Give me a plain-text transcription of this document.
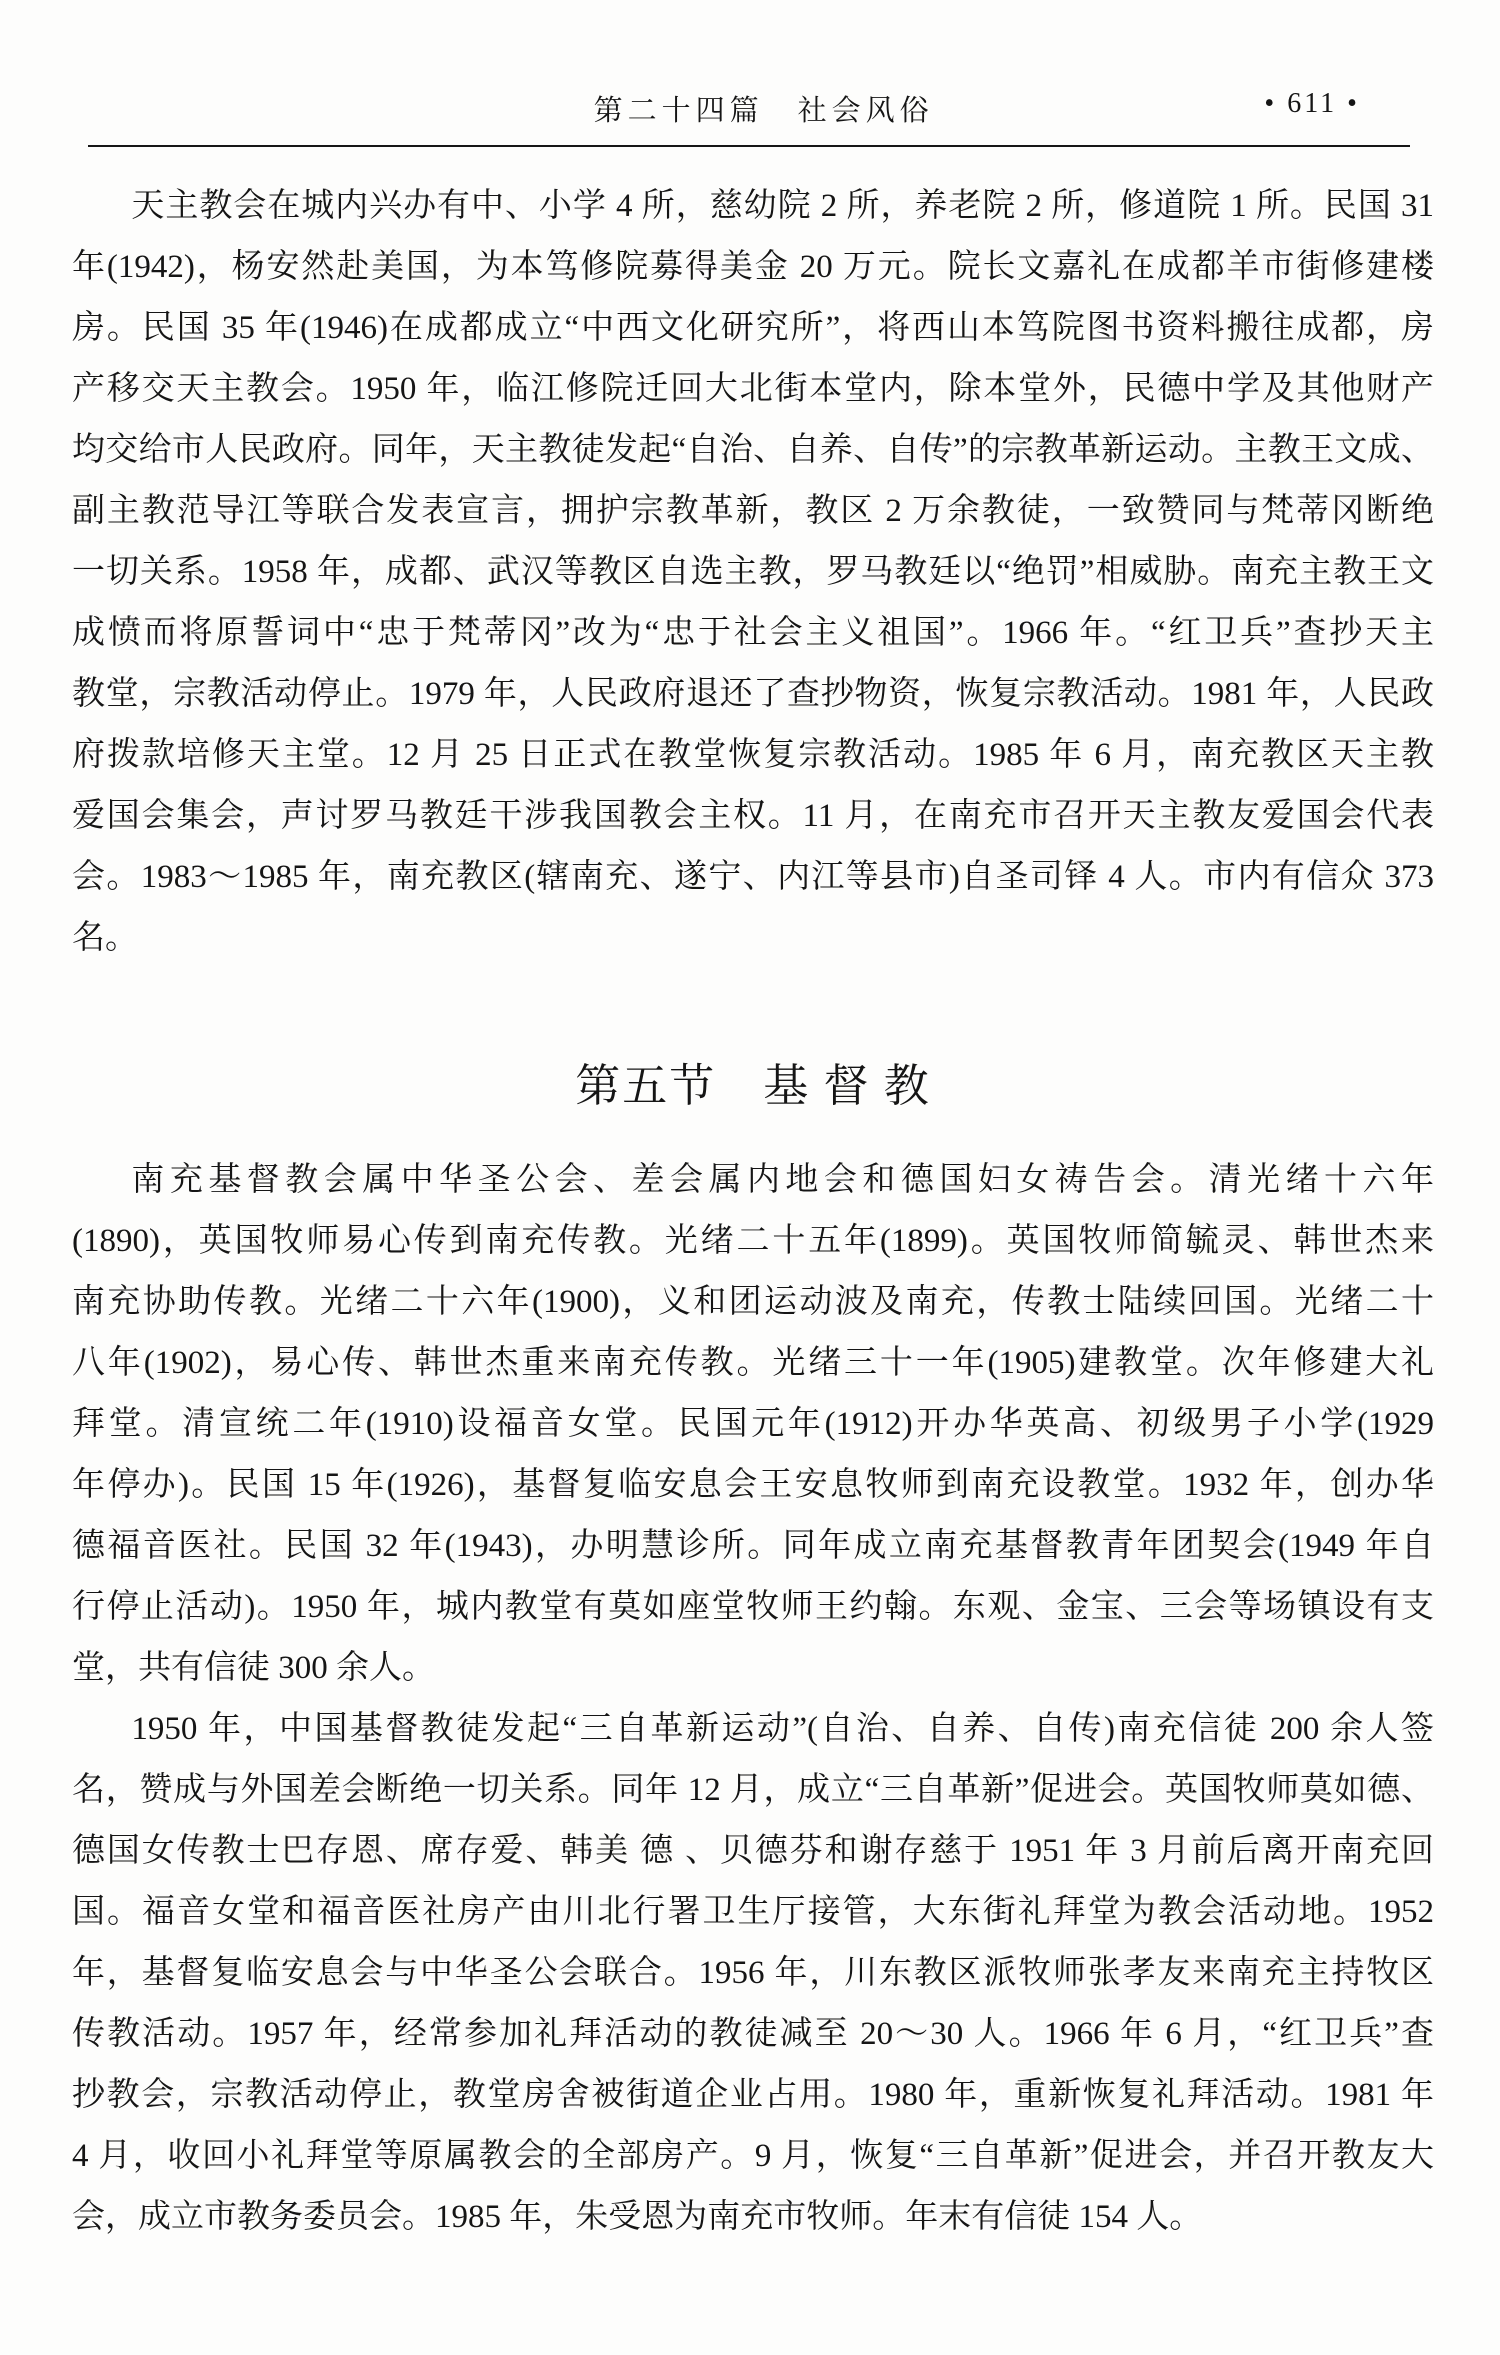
第二十四篇　社会风俗	• 611 •
天主教会在城内兴办有中、小学 4 所，慈幼院 2 所，养老院 2 所，修道院 1 所。民国 31
年(1942)，杨安然赴美国，为本笃修院募得美金 20 万元。院长文嘉礼在成都羊市街修建楼
房。民国 35 年(1946)在成都成立“中西文化研究所”，将西山本笃院图书资料搬往成都，房
产移交天主教会。1950 年，临江修院迁回大北街本堂内，除本堂外，民德中学及其他财产
均交给市人民政府。同年，天主教徒发起“自治、自养、自传”的宗教革新运动。主教王文成、
副主教范导江等联合发表宣言，拥护宗教革新，教区 2 万余教徒，一致赞同与梵蒂冈断绝
一切关系。1958 年，成都、武汉等教区自选主教，罗马教廷以“绝罚”相威胁。南充主教王文
成愤而将原誓词中“忠于梵蒂冈”改为“忠于社会主义祖国”。1966 年。“红卫兵”查抄天主
教堂，宗教活动停止。1979 年，人民政府退还了查抄物资，恢复宗教活动。1981 年，人民政
府拨款培修天主堂。12 月 25 日正式在教堂恢复宗教活动。1985 年 6 月，南充教区天主教
爱国会集会，声讨罗马教廷干涉我国教会主权。11 月，在南充市召开天主教友爱国会代表
会。1983～1985 年，南充教区(辖南充、遂宁、内江等县市)自圣司铎 4 人。市内有信众 373
名。
第五节　基 督 教
南充基督教会属中华圣公会、差会属内地会和德国妇女祷告会。清光绪十六年
(1890)，英国牧师易心传到南充传教。光绪二十五年(1899)。英国牧师简毓灵、韩世杰来
南充协助传教。光绪二十六年(1900)，义和团运动波及南充，传教士陆续回国。光绪二十
八年(1902)，易心传、韩世杰重来南充传教。光绪三十一年(1905)建教堂。次年修建大礼
拜堂。清宣统二年(1910)设福音女堂。民国元年(1912)开办华英高、初级男子小学(1929
年停办)。民国 15 年(1926)，基督复临安息会王安息牧师到南充设教堂。1932 年，创办华
德福音医社。民国 32 年(1943)，办明慧诊所。同年成立南充基督教青年团契会(1949 年自
行停止活动)。1950 年，城内教堂有莫如座堂牧师王约翰。东观、金宝、三会等场镇设有支
堂，共有信徒 300 余人。
1950 年，中国基督教徒发起“三自革新运动”(自治、自养、自传)南充信徒 200 余人签
名，赞成与外国差会断绝一切关系。同年 12 月，成立“三自革新”促进会。英国牧师莫如德、
德国女传教士巴存恩、席存爱、韩美 德 、贝德芬和谢存慈于 1951 年 3 月前后离开南充回
国。福音女堂和福音医社房产由川北行署卫生厅接管，大东街礼拜堂为教会活动地。1952
年，基督复临安息会与中华圣公会联合。1956 年，川东教区派牧师张孝友来南充主持牧区
传教活动。1957 年，经常参加礼拜活动的教徒减至 20～30 人。1966 年 6 月，“红卫兵”查
抄教会，宗教活动停止，教堂房舍被街道企业占用。1980 年，重新恢复礼拜活动。1981 年
4 月，收回小礼拜堂等原属教会的全部房产。9 月，恢复“三自革新”促进会，并召开教友大
会，成立市教务委员会。1985 年，朱受恩为南充市牧师。年末有信徒 154 人。
